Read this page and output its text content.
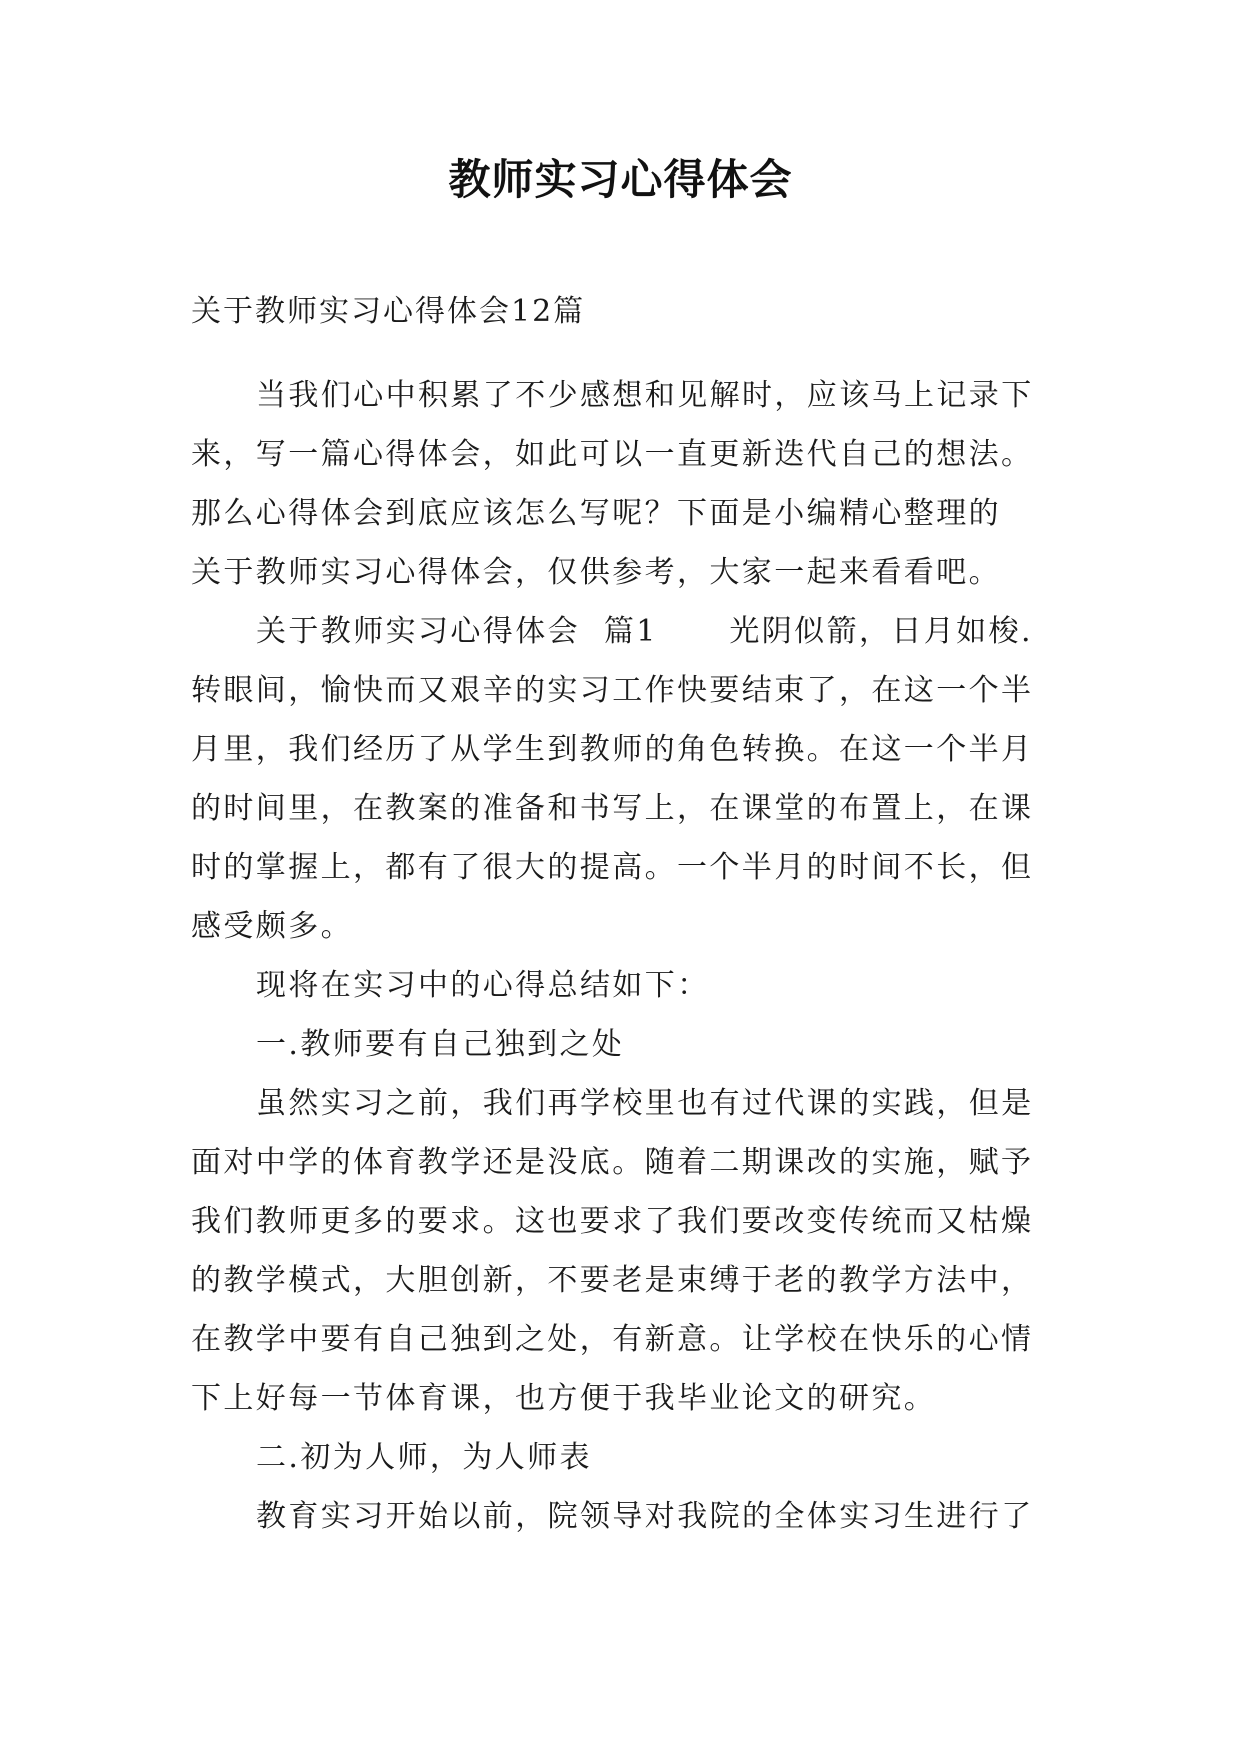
教师实习心得体会
关于教师实习心得体会12篇
当我们心中积累了不少感想和见解时，应该马上记录下
来，写一篇心得体会，如此可以一直更新迭代自己的想法。
那么心得体会到底应该怎么写呢？下面是小编精心整理的
关于教师实习心得体会，仅供参考，大家一起来看看吧。
关于教师实习心得体会  篇1      光阴似箭，日月如梭.
转眼间，愉快而又艰辛的实习工作快要结束了，在这一个半
月里，我们经历了从学生到教师的角色转换。在这一个半月
的时间里，在教案的准备和书写上，在课堂的布置上，在课
时的掌握上，都有了很大的提高。一个半月的时间不长，但
感受颇多。
现将在实习中的心得总结如下：
一.教师要有自己独到之处
虽然实习之前，我们再学校里也有过代课的实践，但是
面对中学的体育教学还是没底。随着二期课改的实施，赋予
我们教师更多的要求。这也要求了我们要改变传统而又枯燥
的教学模式，大胆创新，不要老是束缚于老的教学方法中，
在教学中要有自己独到之处，有新意。让学校在快乐的心情
下上好每一节体育课，也方便于我毕业论文的研究。
二.初为人师，为人师表
教育实习开始以前，院领导对我院的全体实习生进行了
